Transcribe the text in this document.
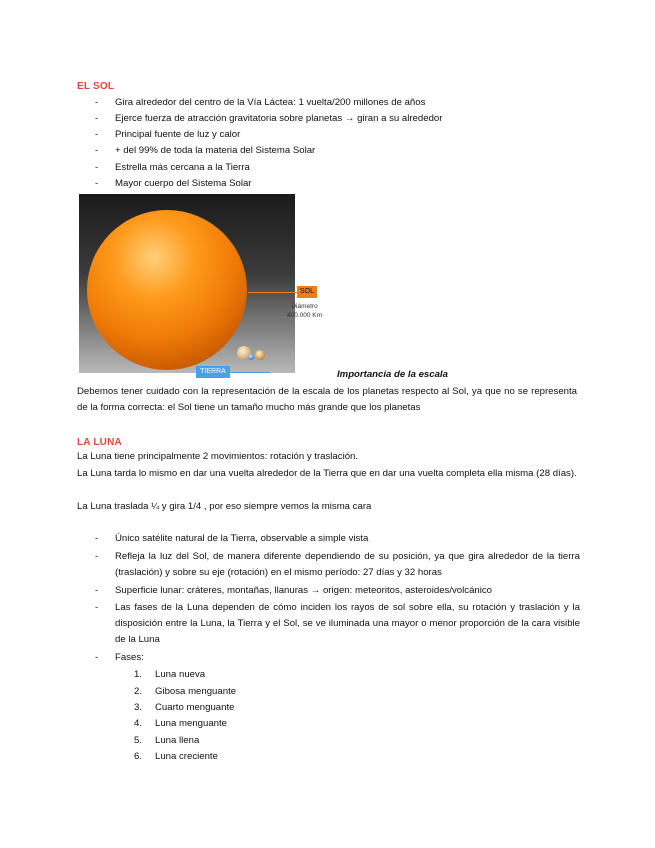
EL SOL
- Gira alrededor del centro de la Vía Láctea: 1 vuelta/200 millones de años
- Ejerce fuerza de atracción gravitatoria sobre planetas → giran a su alrededor
- Principal fuente de luz y calor
- + del 99% de toda la materia del Sistema Solar
- Estrella más cercana a la Tierra
- Mayor cuerpo del Sistema Solar
SOL
Diámetro
400.000 Km
TIERRA	Importancia de la escala
Debemos tener cuidado con la representación de la escala de los planetas respecto al Sol, ya que no se representa de la forma correcta: el Sol tiene un tamaño mucho más grande que los planetas
LA LUNA
La Luna tiene principalmente 2 movimientos: rotación y traslación.
La Luna tarda lo mismo en dar una vuelta alrededor de la Tierra que en dar una vuelta completa ella misma (28 días).
La Luna traslada ¼ y gira 1/4 , por eso siempre vemos la misma cara
- Único satélite natural de la Tierra, observable a simple vista
- Refleja la luz del Sol, de manera diferente dependiendo de su posición, ya que gira alrededor de la tierra (traslación) y sobre su eje (rotación) en el mismo período: 27 días y 32 horas
- Superficie lunar: cráteres, montañas, llanuras → origen: meteoritos, asteroides/volcánico
- Las fases de la Luna dependen de cómo inciden los rayos de sol sobre ella, su rotación y traslación y la disposición entre la Luna, la Tierra y el Sol, se ve iluminada una mayor o menor proporción de la cara visible de la Luna
- Fases:
1. Luna nueva
2. Gibosa menguante
3. Cuarto menguante
4. Luna menguante
5. Luna llena
6. Luna creciente
